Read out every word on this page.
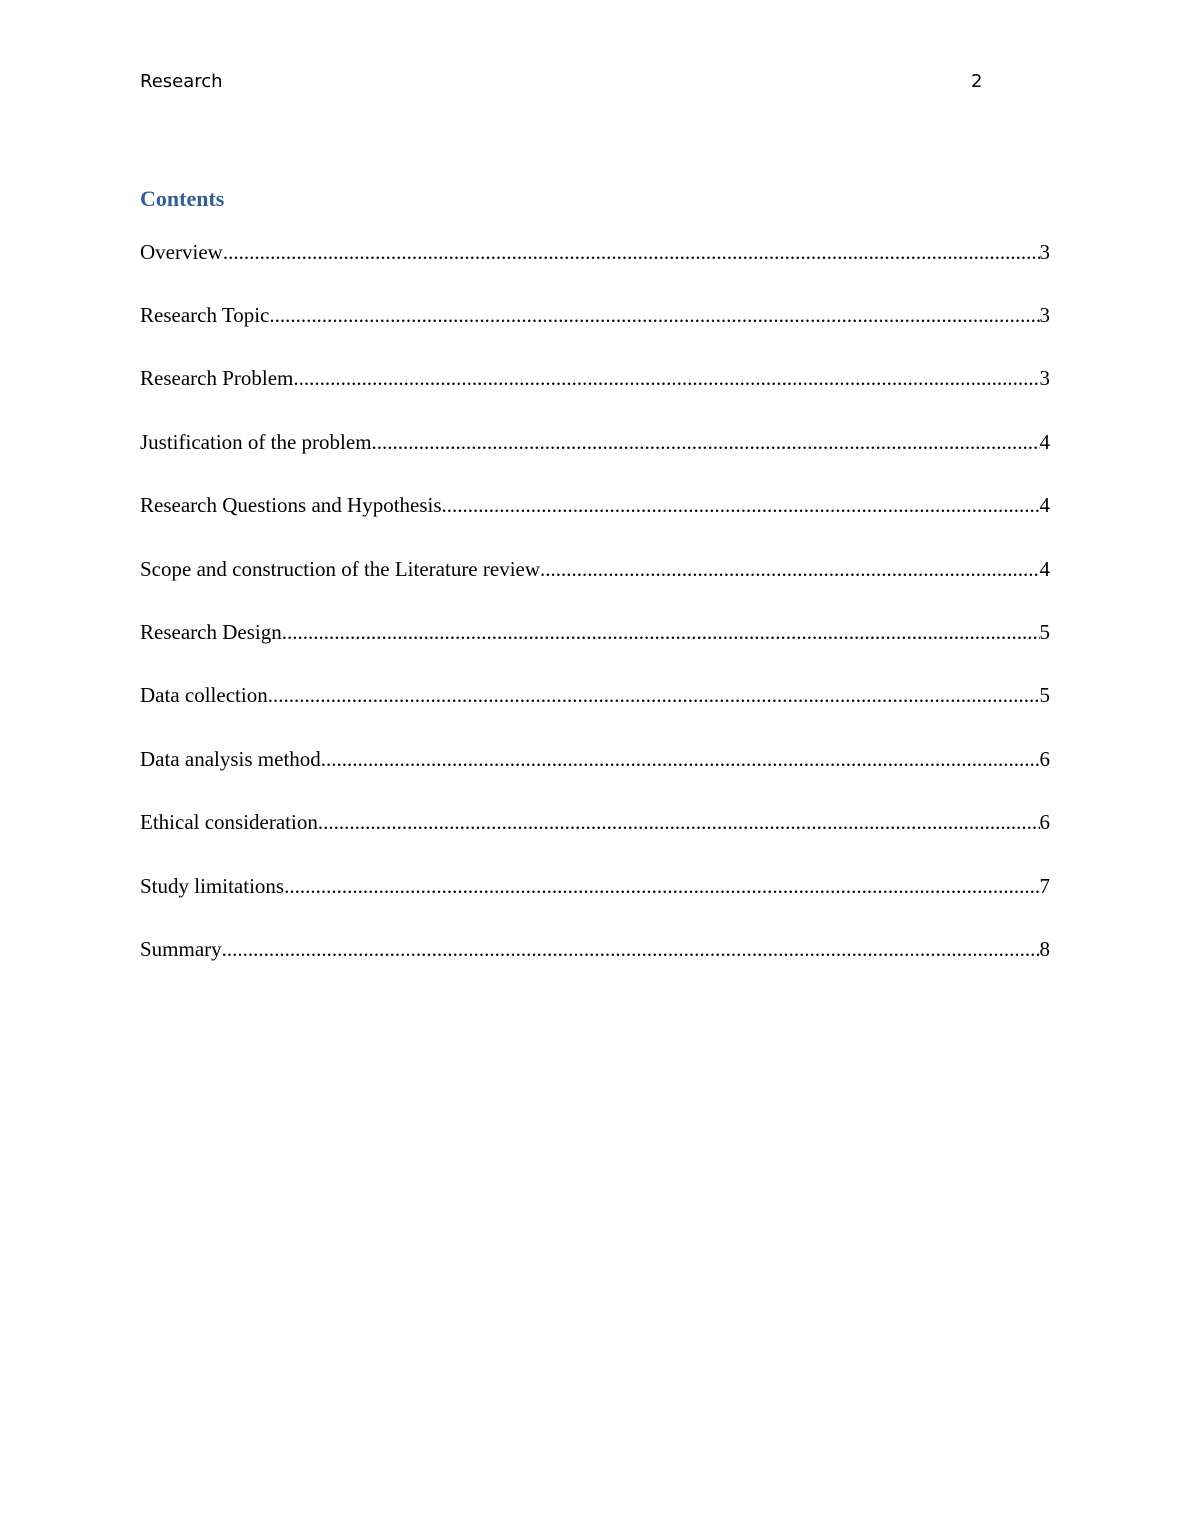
Research	2
Contents
Overview .....	3
Research Topic .....	3
Research Problem .....	3
Justification of the problem .....	4
Research Questions and Hypothesis .....	4
Scope and construction of the Literature review .....	4
Research Design .....	5
Data collection .....	5
Data analysis method .....	6
Ethical consideration .....	6
Study limitations .....	7
Summary .....	8
